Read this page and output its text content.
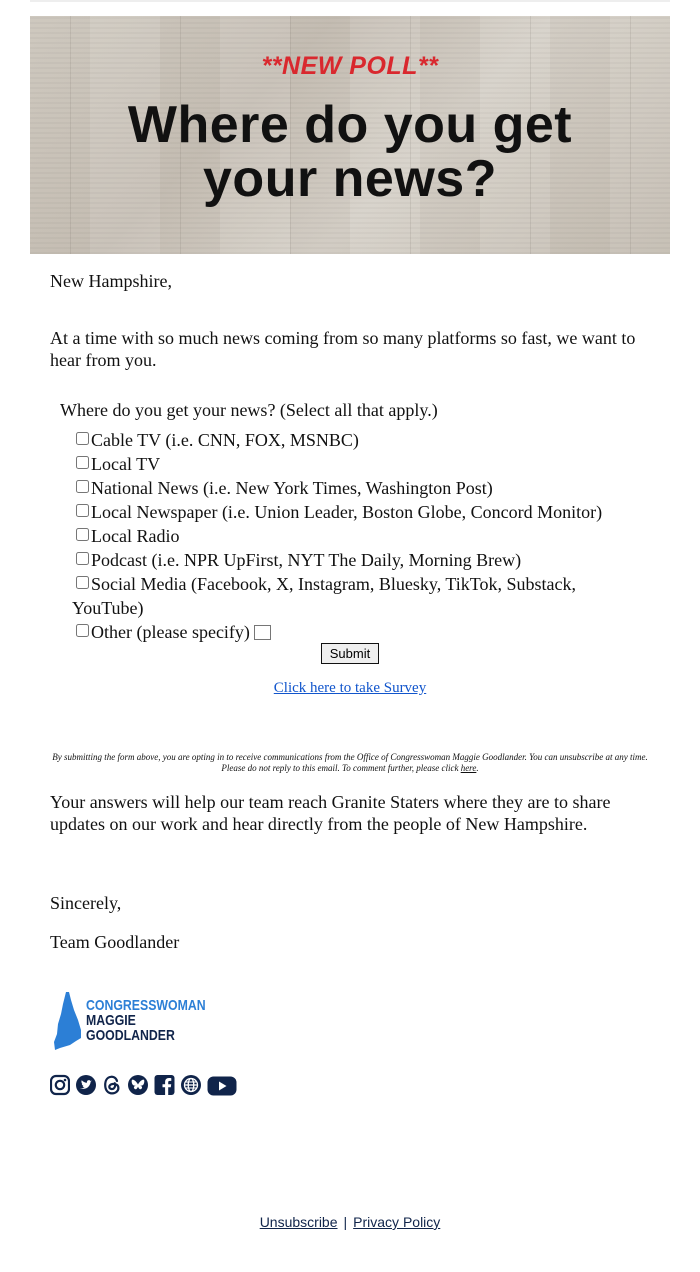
**NEW POLL**
Where do you get
your news?

New Hampshire,

At a time with so much news coming from so many platforms so fast, we want to hear from you.

Where do you get your news? (Select all that apply.)
Cable TV (i.e. CNN, FOX, MSNBC)
Local TV
National News (i.e. New York Times, Washington Post)
Local Newspaper (i.e. Union Leader, Boston Globe, Concord Monitor)
Local Radio
Podcast (i.e. NPR UpFirst, NYT The Daily, Morning Brew)
Social Media (Facebook, X, Instagram, Bluesky, TikTok, Substack, YouTube)
Other (please specify)
Submit
Click here to take Survey
By submitting the form above, you are opting in to receive communications from the Office of Congresswoman Maggie Goodlander. You can unsubscribe at any time. Please do not reply to this email. To comment further, please click here.

Your answers will help our team reach Granite Staters where they are to share updates on our work and hear directly from the people of New Hampshire.

Sincerely,

Team Goodlander

CONGRESSWOMAN
MAGGIE
GOODLANDER
Unsubscribe | Privacy Policy
